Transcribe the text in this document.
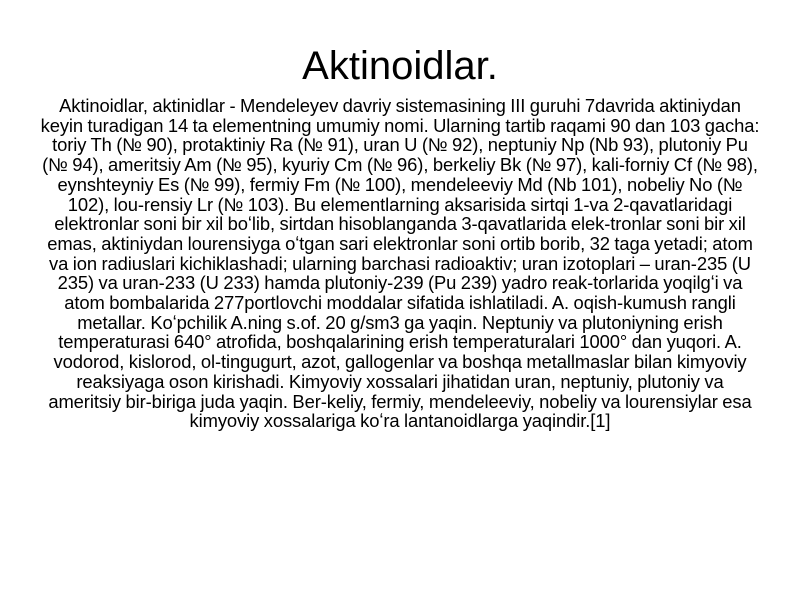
Aktinoidlar.

Aktinoidlar, aktinidlar - Mendeleyev davriy sistemasining III guruhi 7davrida aktiniydan keyin turadigan 14 ta elementning umumiy nomi. Ularning tartib raqami 90 dan 103 gacha: toriy Th (№ 90), protaktiniy Ra (№ 91), uran U (№ 92), neptuniy Np (Nb 93), plutoniy Pu (№ 94), ameritsiy Am (№ 95), kyuriy Cm (№ 96), berkeliy Bk (№ 97), kali-forniy Cf (№ 98), eynshteyniy Es (№ 99), fermiy Fm (№ 100), mendeleeviy Md (Nb 101), nobeliy No (№ 102), lou-rensiy Lr (№ 103). Bu elementlarning aksarisida sirtqi 1-va 2-qavatlaridagi elektronlar soni bir xil boʻlib, sirtdan hisoblanganda 3-qavatlarida elek-tronlar soni bir xil emas, aktiniydan lourensiyga oʻtgan sari elektronlar soni ortib borib, 32 taga yetadi; atom va ion radiuslari kichiklashadi; ularning barchasi radioaktiv; uran izotoplari – uran-235 (U 235) va uran-233 (U 233) hamda plutoniy-239 (Pu 239) yadro reak-torlarida yoqilgʻi va atom bombalarida 277portlovchi moddalar sifatida ishlatiladi. A. oqish-kumush rangli metallar. Koʻpchilik A.ning s.of. 20 g/sm3 ga yaqin. Neptuniy va plutoniyning erish temperaturasi 640° atrofida, boshqalarining erish temperaturalari 1000° dan yuqori. A. vodorod, kislorod, ol-tingugurt, azot, gallogenlar va boshqa metallmaslar bilan kimyoviy reaksiyaga oson kirishadi. Kimyoviy xossalari jihatidan uran, neptuniy, plutoniy va ameritsiy bir-biriga juda yaqin. Ber-keliy, fermiy, mendeleeviy, nobeliy va lourensiylar esa kimyoviy xossalariga koʻra lantanoidlarga yaqindir.[1]
